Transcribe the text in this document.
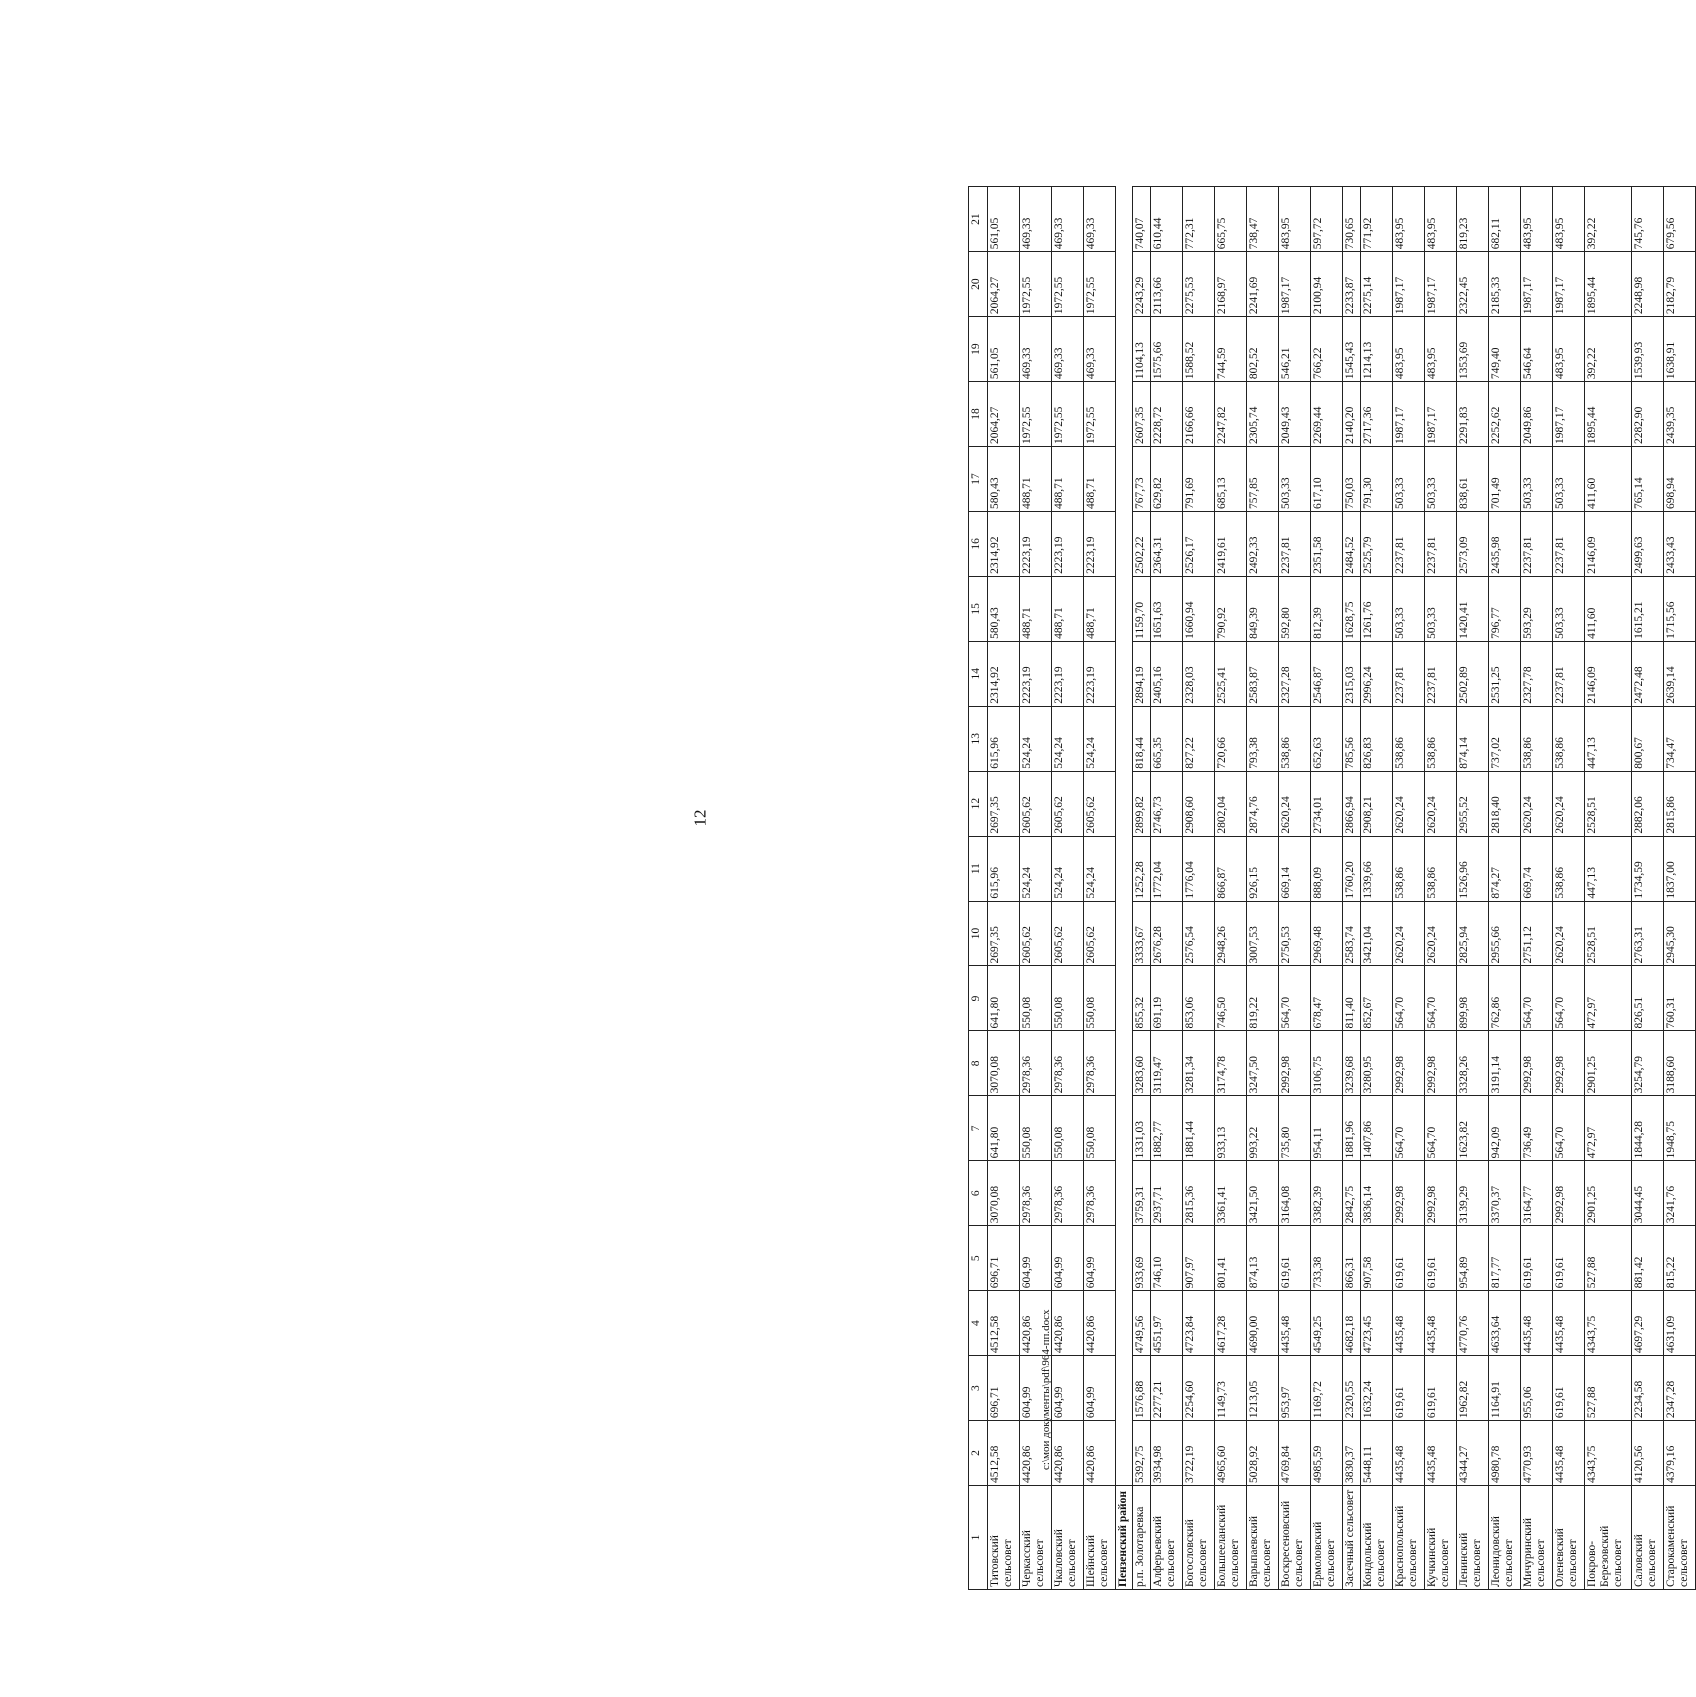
12
c:\мои документы\pdf\964-пп.docx
1	2	3	4	5	6	7	8	9	10	11	12	13	14	15	16	17	18	19	20	21
Титовский сельсовет	4512,58	696,71	4512,58	696,71	3070,08	641,80	3070,08	641,80	2697,35	615,96	2697,35	615,96	2314,92	580,43	2314,92	580,43	2064,27	561,05	2064,27	561,05
Черкасский сельсовет	4420,86	604,99	4420,86	604,99	2978,36	550,08	2978,36	550,08	2605,62	524,24	2605,62	524,24	2223,19	488,71	2223,19	488,71	1972,55	469,33	1972,55	469,33
Чкаловский сельсовет	4420,86	604,99	4420,86	604,99	2978,36	550,08	2978,36	550,08	2605,62	524,24	2605,62	524,24	2223,19	488,71	2223,19	488,71	1972,55	469,33	1972,55	469,33
Шейнский сельсовет	4420,86	604,99	4420,86	604,99	2978,36	550,08	2978,36	550,08	2605,62	524,24	2605,62	524,24	2223,19	488,71	2223,19	488,71	1972,55	469,33	1972,55	469,33
Пензенский район																				
р.п. Золотаревка	5392,75	1576,88	4749,56	933,69	3759,31	1331,03	3283,60	855,32	3333,67	1252,28	2899,82	818,44	2894,19	1159,70	2502,22	767,73	2607,35	1104,13	2243,29	740,07
Алферьевский сельсовет	3934,98	2277,21	4551,97	746,10	2937,71	1882,77	3119,47	691,19	2676,28	1772,04	2746,73	665,35	2405,16	1651,63	2364,31	629,82	2228,72	1575,66	2113,66	610,44
Богословский сельсовет	3722,19	2254,60	4723,84	907,97	2815,36	1881,44	3281,34	853,06	2576,54	1776,04	2908,60	827,22	2328,03	1660,94	2526,17	791,69	2166,66	1588,52	2275,53	772,31
Большееланский сельсовет	4965,60	1149,73	4617,28	801,41	3361,41	933,13	3174,78	746,50	2948,26	866,87	2802,04	720,66	2525,41	790,92	2419,61	685,13	2247,82	744,59	2168,97	665,75
Варыпаевский сельсовет	5028,92	1213,05	4690,00	874,13	3421,50	993,22	3247,50	819,22	3007,53	926,15	2874,76	793,38	2583,87	849,39	2492,33	757,85	2305,74	802,52	2241,69	738,47
Воскресеновский сельсовет	4769,84	953,97	4435,48	619,61	3164,08	735,80	2992,98	564,70	2750,53	669,14	2620,24	538,86	2327,28	592,80	2237,81	503,33	2049,43	546,21	1987,17	483,95
Ермоловский сельсовет	4985,59	1169,72	4549,25	733,38	3382,39	954,11	3106,75	678,47	2969,48	888,09	2734,01	652,63	2546,87	812,39	2351,58	617,10	2269,44	766,22	2100,94	597,72
Засечный сельсовет	3830,37	2320,55	4682,18	866,31	2842,75	1881,96	3239,68	811,40	2583,74	1760,20	2866,94	785,56	2315,03	1628,75	2484,52	750,03	2140,20	1545,43	2233,87	730,65
Кондольский сельсовет	5448,11	1632,24	4723,45	907,58	3836,14	1407,86	3280,95	852,67	3421,04	1339,66	2908,21	826,83	2996,24	1261,76	2525,79	791,30	2717,36	1214,13	2275,14	771,92
Краснопольский сельсовет	4435,48	619,61	4435,48	619,61	2992,98	564,70	2992,98	564,70	2620,24	538,86	2620,24	538,86	2237,81	503,33	2237,81	503,33	1987,17	483,95	1987,17	483,95
Кучкинский сельсовет	4435,48	619,61	4435,48	619,61	2992,98	564,70	2992,98	564,70	2620,24	538,86	2620,24	538,86	2237,81	503,33	2237,81	503,33	1987,17	483,95	1987,17	483,95
Ленинский сельсовет	4344,27	1962,82	4770,76	954,89	3139,29	1623,82	3328,26	899,98	2825,94	1526,96	2955,52	874,14	2502,89	1420,41	2573,09	838,61	2291,83	1353,69	2322,45	819,23
Леонидовский сельсовет	4980,78	1164,91	4633,64	817,77	3370,37	942,09	3191,14	762,86	2955,66	874,27	2818,40	737,02	2531,25	796,77	2435,98	701,49	2252,62	749,40	2185,33	682,11
Мичуринский сельсовет	4770,93	955,06	4435,48	619,61	3164,77	736,49	2992,98	564,70	2751,12	669,74	2620,24	538,86	2327,78	593,29	2237,81	503,33	2049,86	546,64	1987,17	483,95
Оленевский сельсовет	4435,48	619,61	4435,48	619,61	2992,98	564,70	2992,98	564,70	2620,24	538,86	2620,24	538,86	2237,81	503,33	2237,81	503,33	1987,17	483,95	1987,17	483,95
Покрово-Березовский сельсовет	4343,75	527,88	4343,75	527,88	2901,25	472,97	2901,25	472,97	2528,51	447,13	2528,51	447,13	2146,09	411,60	2146,09	411,60	1895,44	392,22	1895,44	392,22
Саловский сельсовет	4120,56	2234,58	4697,29	881,42	3044,45	1844,28	3254,79	826,51	2763,31	1734,59	2882,06	800,67	2472,48	1615,21	2499,63	765,14	2282,90	1539,93	2248,98	745,76
Старокаменский сельсовет	4379,16	2347,28	4631,09	815,22	3241,76	1948,75	3188,60	760,31	2945,30	1837,00	2815,86	734,47	2639,14	1715,56	2433,43	698,94	2439,35	1638,91	2182,79	679,56
